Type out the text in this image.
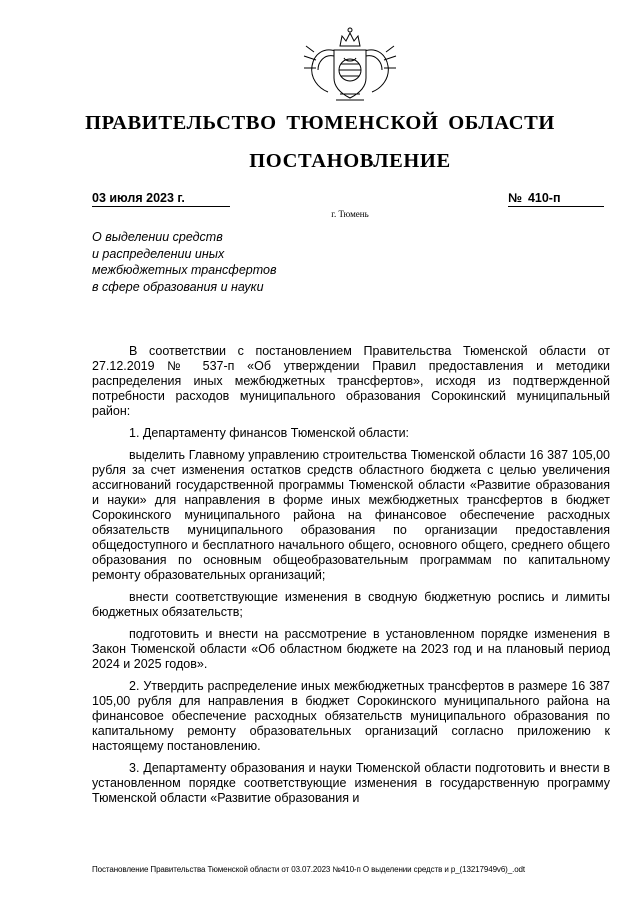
ПРАВИТЕЛЬСТВО ТЮМЕНСКОЙ ОБЛАСТИ
ПОСТАНОВЛЕНИЕ
03 июля 2023 г.	№ 410-п
г. Тюмень
О выделении средств
и распределении иных
межбюджетных трансфертов
в сфере образования и науки

В соответствии с постановлением Правительства Тюменской области от 27.12.2019 № 537-п «Об утверждении Правил предоставления и методики распределения иных межбюджетных трансфертов», исходя из подтвержденной потребности расходов муниципального образования Сорокинский муниципальный район:

1. Департаменту финансов Тюменской области:

выделить Главному управлению строительства Тюменской области 16 387 105,00 рубля за счет изменения остатков средств областного бюджета с целью увеличения ассигнований государственной программы Тюменской области «Развитие образования и науки» для направления в форме иных межбюджетных трансфертов в бюджет Сорокинского муниципального района на финансовое обеспечение расходных обязательств муниципального образования по организации предоставления общедоступного и бесплатного начального общего, основного общего, среднего общего образования по основным общеобразовательным программам по капитальному ремонту образовательных организаций;

внести соответствующие изменения в сводную бюджетную роспись и лимиты бюджетных обязательств;

подготовить и внести на рассмотрение в установленном порядке изменения в Закон Тюменской области «Об областном бюджете на 2023 год и на плановый период 2024 и 2025 годов».

2. Утвердить распределение иных межбюджетных трансфертов в размере 16 387 105,00 рубля для направления в бюджет Сорокинского муниципального района на финансовое обеспечение расходных обязательств муниципального образования по капитальному ремонту образовательных организаций согласно приложению к настоящему постановлению.

3. Департаменту образования и науки Тюменской области подготовить и внести в установленном порядке соответствующие изменения в государственную программу Тюменской области «Развитие образования и

Постановление Правительства Тюменской области от 03.07.2023 №410-п О выделении средств и р_(13217949v6)_.odt
